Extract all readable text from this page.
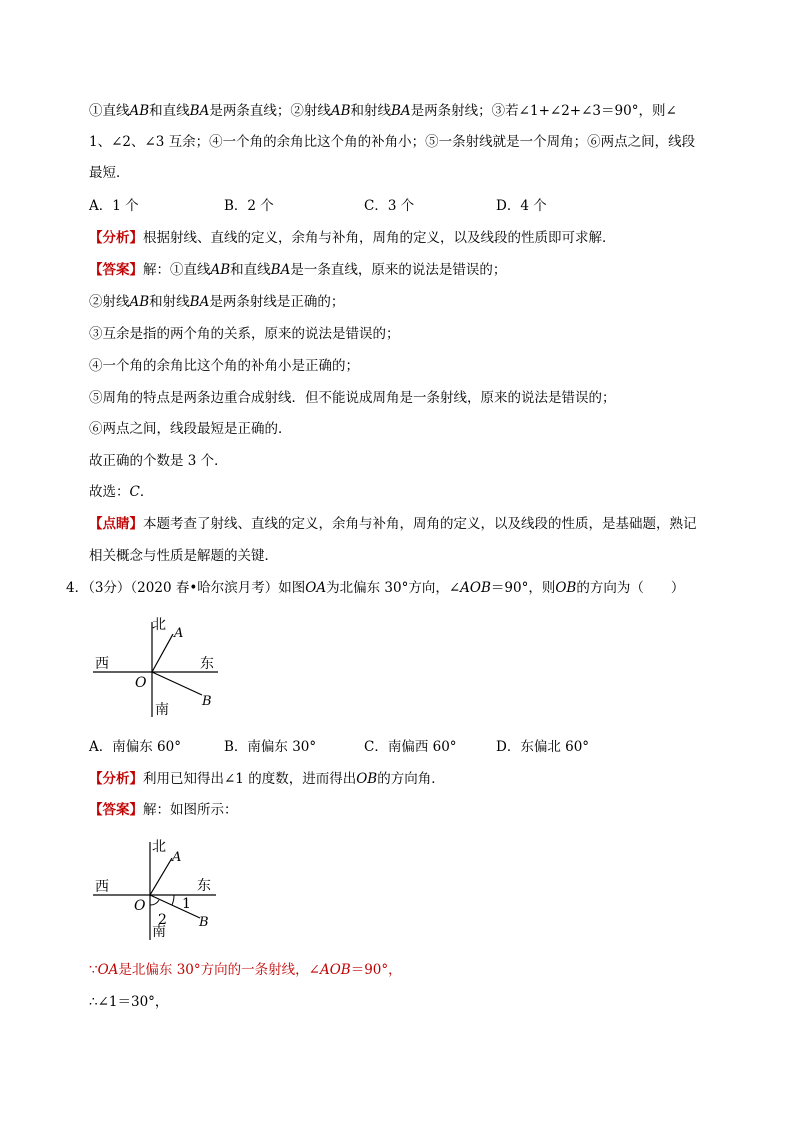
①直线AB和直线BA是两条直线；②射线AB和射线BA是两条射线；③若∠1+∠2+∠3＝90°，则∠
1、∠2、∠3 互余；④一个角的余角比这个角的补角小；⑤一条射线就是一个周角；⑥两点之间，线段
最短．
A．1 个	B．2 个	C．3 个	D．4 个
【分析】根据射线、直线的定义，余角与补角，周角的定义，以及线段的性质即可求解．
【答案】解：①直线AB和直线BA是一条直线，原来的说法是错误的；
②射线AB和射线BA是两条射线是正确的；
③互余是指的两个角的关系，原来的说法是错误的；
④一个角的余角比这个角的补角小是正确的；
⑤周角的特点是两条边重合成射线．但不能说成周角是一条射线，原来的说法是错误的；
⑥两点之间，线段最短是正确的．
故正确的个数是 3 个．
故选：C．
【点睛】本题考查了射线、直线的定义，余角与补角，周角的定义，以及线段的性质，是基础题，熟记
相关概念与性质是解题的关键．
4．（3分）（2020 春•哈尔滨月考）如图OA为北偏东 30°方向，∠AOB＝90°，则OB的方向为（　　）
北
西	东
南
O
A
B
A．南偏东 60°	B．南偏东 30°	C．南偏西 60°	D．东偏北 60°
【分析】利用已知得出∠1 的度数，进而得出OB的方向角．
【答案】解：如图所示：
北
西	东
南
O
A
B
1
2
∵OA是北偏东 30°方向的一条射线，∠AOB＝90°，
∴∠1＝30°，
